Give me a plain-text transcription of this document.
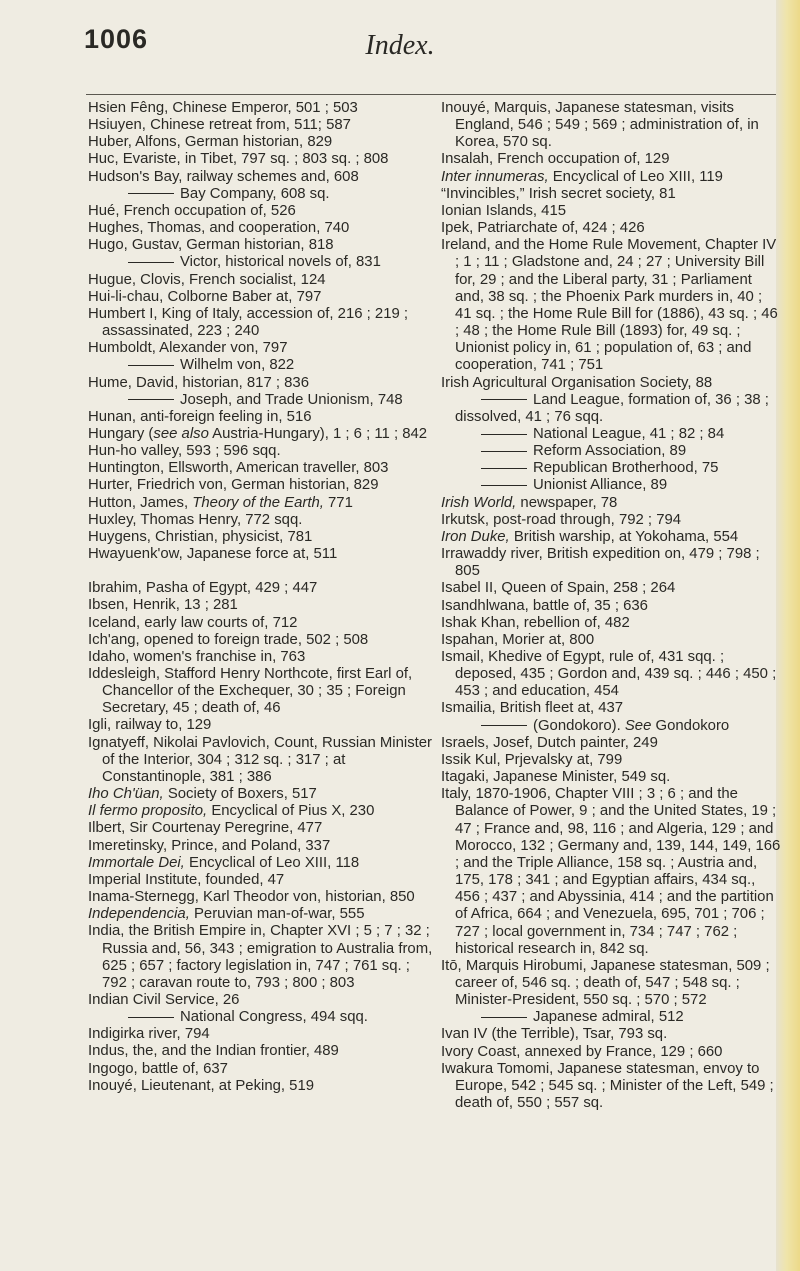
1006	Index.
Hsien Fêng, Chinese Emperor, 501 ; 503
Hsiuyen, Chinese retreat from, 511; 587
Huber, Alfons, German historian, 829
Huc, Evariste, in Tibet, 797 sq. ; 803 sq. ; 808
Hudson's Bay, railway schemes and, 608
Bay Company, 608 sq.
Hué, French occupation of, 526
Hughes, Thomas, and cooperation, 740
Hugo, Gustav, German historian, 818
Victor, historical novels of, 831
Hugue, Clovis, French socialist, 124
Hui-li-chau, Colborne Baber at, 797
Humbert I, King of Italy, accession of, 216 ; 219 ; assassinated, 223 ; 240
Humboldt, Alexander von, 797
Wilhelm von, 822
Hume, David, historian, 817 ; 836
Joseph, and Trade Unionism, 748
Hunan, anti-foreign feeling in, 516
Hungary (see also Austria-Hungary), 1 ; 6 ; 11 ; 842
Hun-ho valley, 593 ; 596 sqq.
Huntington, Ellsworth, American traveller, 803
Hurter, Friedrich von, German historian, 829
Hutton, James, Theory of the Earth, 771
Huxley, Thomas Henry, 772 sqq.
Huygens, Christian, physicist, 781
Hwayuenk'ow, Japanese force at, 511
Ibrahim, Pasha of Egypt, 429 ; 447
Ibsen, Henrik, 13 ; 281
Iceland, early law courts of, 712
Ich'ang, opened to foreign trade, 502 ; 508
Idaho, women's franchise in, 763
Iddesleigh, Stafford Henry Northcote, first Earl of, Chancellor of the Exchequer, 30 ; 35 ; Foreign Secretary, 45 ; death of, 46
Igli, railway to, 129
Ignatyeff, Nikolai Pavlovich, Count, Russian Minister of the Interior, 304 ; 312 sq. ; 317 ; at Constantinople, 381 ; 386
Iho Ch'üan, Society of Boxers, 517
Il fermo proposito, Encyclical of Pius X, 230
Ilbert, Sir Courtenay Peregrine, 477
Imeretinsky, Prince, and Poland, 337
Immortale Dei, Encyclical of Leo XIII, 118
Imperial Institute, founded, 47
Inama-Sternegg, Karl Theodor von, historian, 850
Independencia, Peruvian man-of-war, 555
India, the British Empire in, Chapter XVI ; 5 ; 7 ; 32 ; Russia and, 56, 343 ; emigration to Australia from, 625 ; 657 ; factory legislation in, 747 ; 761 sq. ; 792 ; caravan route to, 793 ; 800 ; 803
Indian Civil Service, 26
National Congress, 494 sqq.
Indigirka river, 794
Indus, the, and the Indian frontier, 489
Ingogo, battle of, 637
Inouyé, Lieutenant, at Peking, 519
Inouyé, Marquis, Japanese statesman, visits England, 546 ; 549 ; 569 ; administration of, in Korea, 570 sq.
Insalah, French occupation of, 129
Inter innumeras, Encyclical of Leo XIII, 119
“Invincibles,” Irish secret society, 81
Ionian Islands, 415
Ipek, Patriarchate of, 424 ; 426
Ireland, and the Home Rule Movement, Chapter IV ; 1 ; 11 ; Gladstone and, 24 ; 27 ; University Bill for, 29 ; and the Liberal party, 31 ; Parliament and, 38 sq. ; the Phoenix Park murders in, 40 ; 41 sq. ; the Home Rule Bill for (1886), 43 sq. ; 46 ; 48 ; the Home Rule Bill (1893) for, 49 sq. ; Unionist policy in, 61 ; population of, 63 ; and cooperation, 741 ; 751
Irish Agricultural Organisation Society, 88
Land League, formation of, 36 ; 38 ; dissolved, 41 ; 76 sqq.
National League, 41 ; 82 ; 84
Reform Association, 89
Republican Brotherhood, 75
Unionist Alliance, 89
Irish World, newspaper, 78
Irkutsk, post-road through, 792 ; 794
Iron Duke, British warship, at Yokohama, 554
Irrawaddy river, British expedition on, 479 ; 798 ; 805
Isabel II, Queen of Spain, 258 ; 264
Isandhlwana, battle of, 35 ; 636
Ishak Khan, rebellion of, 482
Ispahan, Morier at, 800
Ismail, Khedive of Egypt, rule of, 431 sqq. ; deposed, 435 ; Gordon and, 439 sq. ; 446 ; 450 ; 453 ; and education, 454
Ismailia, British fleet at, 437
(Gondokoro). See Gondokoro
Israels, Josef, Dutch painter, 249
Issik Kul, Prjevalsky at, 799
Itagaki, Japanese Minister, 549 sq.
Italy, 1870-1906, Chapter VIII ; 3 ; 6 ; and the Balance of Power, 9 ; and the United States, 19 ; 47 ; France and, 98, 116 ; and Algeria, 129 ; and Morocco, 132 ; Germany and, 139, 144, 149, 166 ; and the Triple Alliance, 158 sq. ; Austria and, 175, 178 ; 341 ; and Egyptian affairs, 434 sq., 456 ; 437 ; and Abyssinia, 414 ; and the partition of Africa, 664 ; and Venezuela, 695, 701 ; 706 ; 727 ; local government in, 734 ; 747 ; 762 ; historical research in, 842 sq.
Itō, Marquis Hirobumi, Japanese statesman, 509 ; career of, 546 sq. ; death of, 547 ; 548 sq. ; Minister-President, 550 sq. ; 570 ; 572
Japanese admiral, 512
Ivan IV (the Terrible), Tsar, 793 sq.
Ivory Coast, annexed by France, 129 ; 660
Iwakura Tomomi, Japanese statesman, envoy to Europe, 542 ; 545 sq. ; Minister of the Left, 549 ; death of, 550 ; 557 sq.
